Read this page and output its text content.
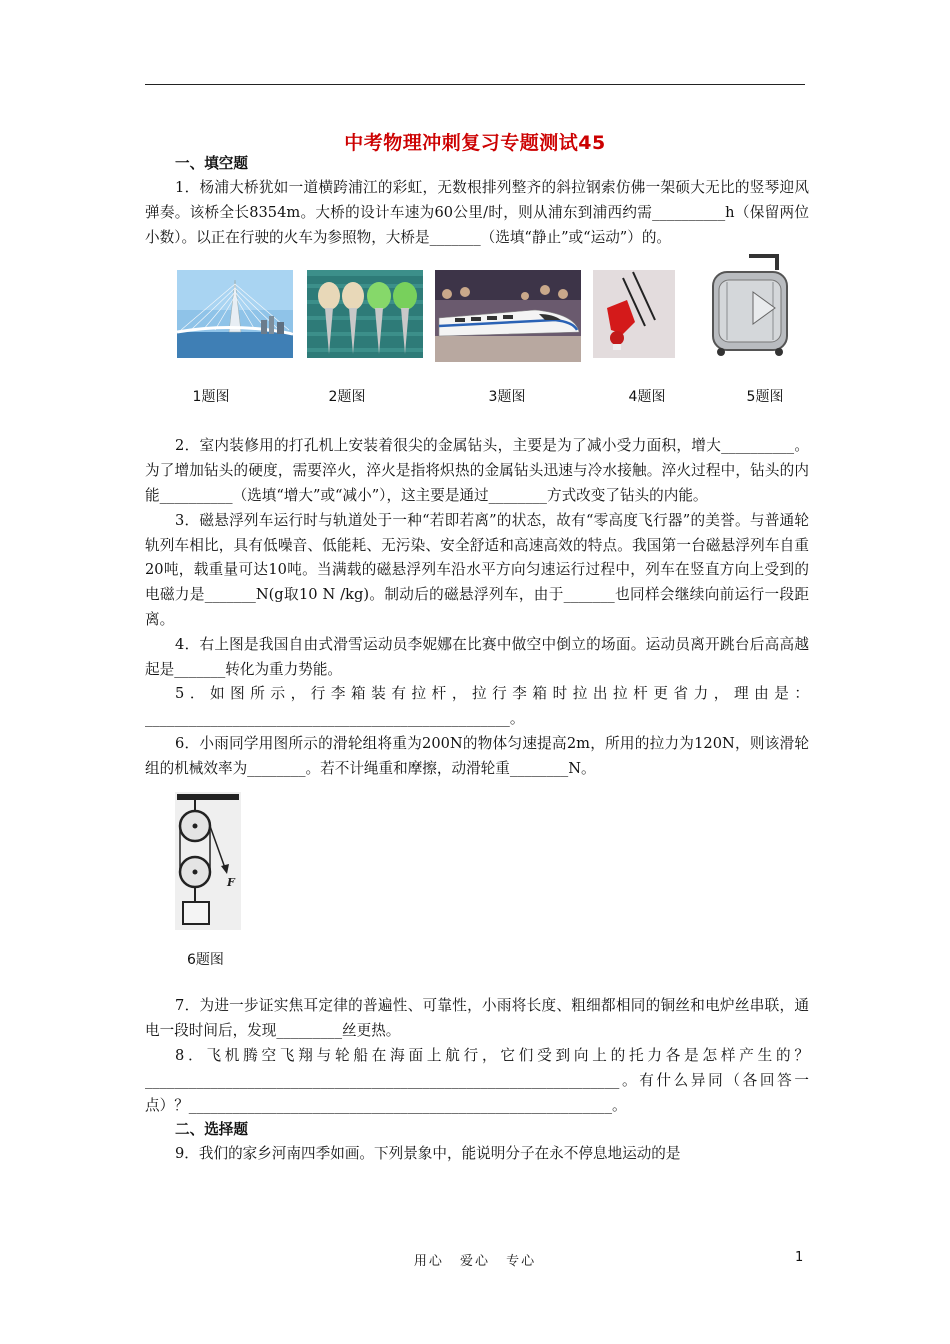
中考物理冲刺复习专题测试45
一、填空题

1．杨浦大桥犹如一道横跨浦江的彩虹，无数根排列整齐的斜拉钢索仿佛一架硕大无比的竖琴迎风弹奏。该桥全长8354m。大桥的设计车速为60公里/时，则从浦东到浦西约需__________h（保留两位小数）。以正在行驶的火车为参照物，大桥是_______（选填“静止”或“运动”）的。

1题图	2题图	3题图	4题图	5题图

2．室内装修用的打孔机上安装着很尖的金属钻头，主要是为了减小受力面积，增大__________。为了增加钻头的硬度，需要淬火，淬火是指将炽热的金属钻头迅速与冷水接触。淬火过程中，钻头的内能__________（选填“增大”或“减小”），这主要是通过________方式改变了钻头的内能。

3．磁悬浮列车运行时与轨道处于一种“若即若离”的状态，故有“零高度飞行器”的美誉。与普通轮轨列车相比，具有低噪音、低能耗、无污染、安全舒适和高速高效的特点。我国第一台磁悬浮列车自重20吨，载重量可达10吨。当满载的磁悬浮列车沿水平方向匀速运行过程中，列车在竖直方向上受到的电磁力是_______N(g取10 N /kg)。制动后的磁悬浮列车，由于_______也同样会继续向前运行一段距离。

4．右上图是我国自由式滑雪运动员李妮娜在比赛中做空中倒立的场面。运动员离开跳台后高高越起是_______转化为重力势能。

5．如图所示，行李箱装有拉杆，拉行李箱时拉出拉杆更省力，理由是：__________________________________________________。

6．小雨同学用图所示的滑轮组将重为200N的物体匀速提高2m，所用的拉力为120N，则该滑轮组的机械效率为________。若不计绳重和摩擦，动滑轮重________N。

F
6题图

7．为进一步证实焦耳定律的普遍性、可靠性，小雨将长度、粗细都相同的铜丝和电炉丝串联，通电一段时间后，发现_________丝更热。

8．飞机腾空飞翔与轮船在海面上航行，它们受到向上的托力各是怎样产生的？_________________________________________________________________。有什么异同（各回答一点）？__________________________________________________________。

二、选择题

9．我们的家乡河南四季如画。下列景象中，能说明分子在永不停息地运动的是

用心 爱心 专心	1
